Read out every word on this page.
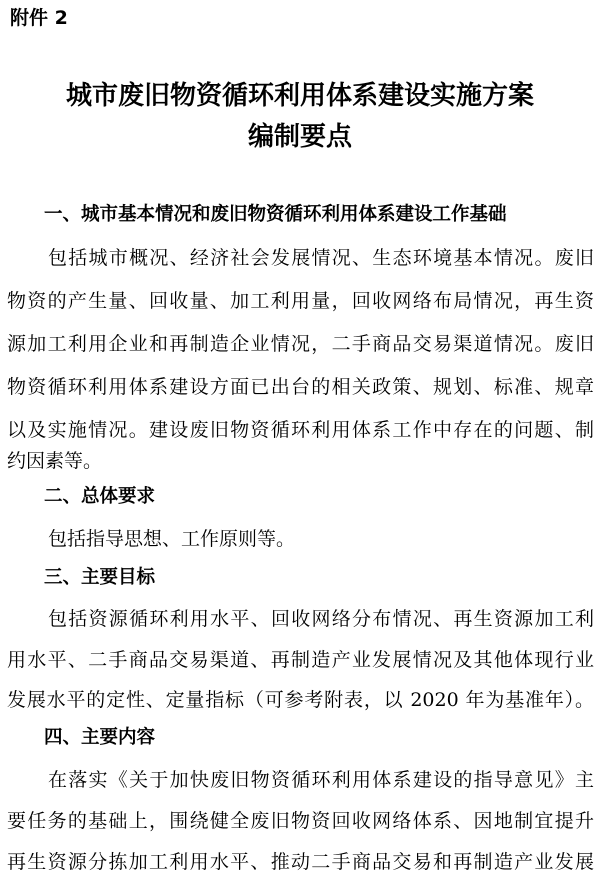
附件 2
城市废旧物资循环利用体系建设实施方案
编制要点
一、城市基本情况和废旧物资循环利用体系建设工作基础
包括城市概况、经济社会发展情况、生态环境基本情况。废旧
物资的产生量、回收量、加工利用量，回收网络布局情况，再生资
源加工利用企业和再制造企业情况，二手商品交易渠道情况。废旧
物资循环利用体系建设方面已出台的相关政策、规划、标准、规章
以及实施情况。建设废旧物资循环利用体系工作中存在的问题、制
约因素等。
二、总体要求
包括指导思想、工作原则等。
三、主要目标
包括资源循环利用水平、回收网络分布情况、再生资源加工利
用水平、二手商品交易渠道、再制造产业发展情况及其他体现行业
发展水平的定性、定量指标（可参考附表，以 2020 年为基准年）。
四、主要内容
在落实《关于加快废旧物资循环利用体系建设的指导意见》主
要任务的基础上，围绕健全废旧物资回收网络体系、因地制宜提升
再生资源分拣加工利用水平、推动二手商品交易和再制造产业发展
